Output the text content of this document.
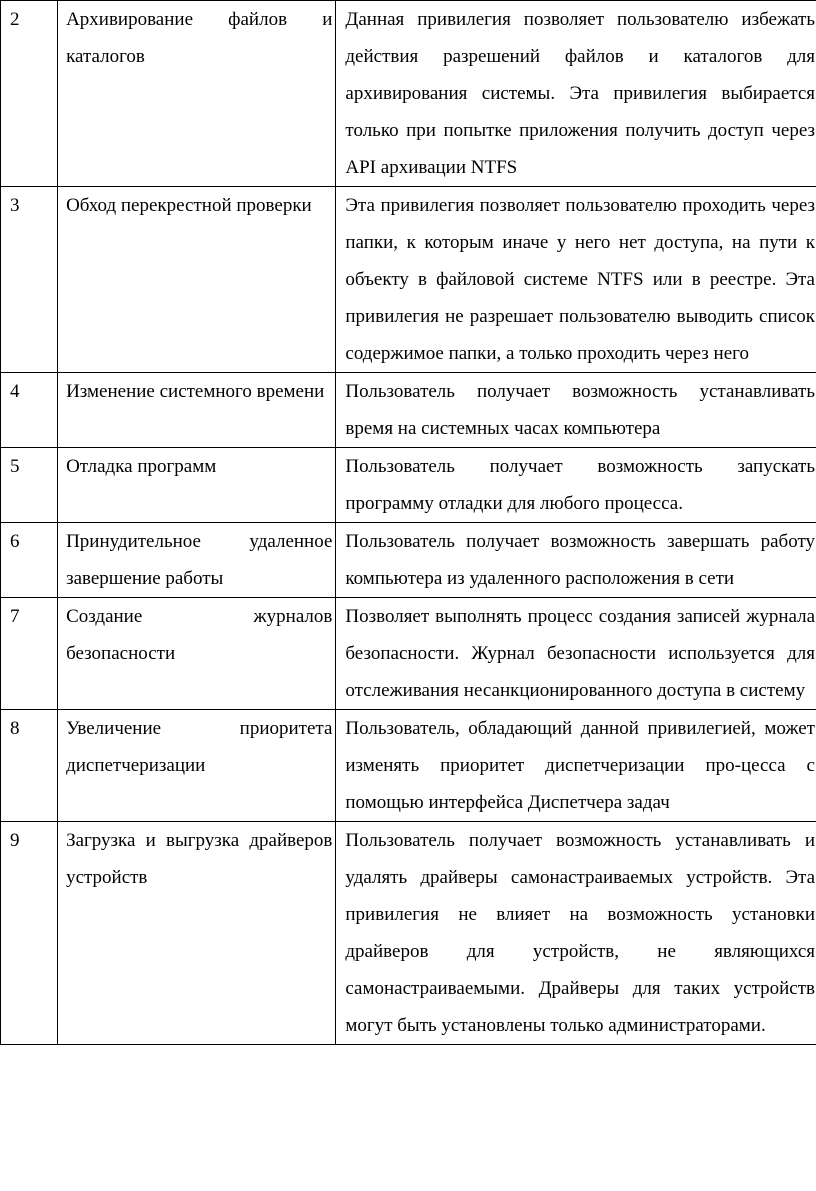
2	Архивирование файлов и каталогов	Данная привилегия позволяет пользователю избежать действия разрешений файлов и каталогов для архивирования системы. Эта привилегия выбирается только при попытке приложения получить доступ через API архивации NTFS
3	Обход перекрестной проверки	Эта привилегия позволяет пользователю проходить через папки, к которым иначе у него нет доступа, на пути к объекту в файловой системе NTFS или в реестре. Эта привилегия не разрешает пользователю выводить список содержимое папки, а только проходить через него
4	Изменение системного времени	Пользователь получает возможность устанавливать время на системных часах компьютера
5	Отладка программ	Пользователь получает возможность запускать программу отладки для любого процесса.
6	Принудительное удаленное завершение работы	Пользователь получает возможность завершать работу компьютера из удаленного расположения в сети
7	Создание журналов безопасности	Позволяет выполнять процесс создания записей журнала безопасности. Журнал безопасности используется для отслеживания несанкционированного доступа в систему
8	Увеличение приоритета диспетчеризации	Пользователь, обладающий данной привилегией, может изменять приоритет диспетчеризации про-цесса с помощью интерфейса Диспетчера задач
9	Загрузка и выгрузка драйверов устройств	Пользователь получает возможность устанавливать и удалять драйверы самонастраиваемых устройств. Эта привилегия не влияет на возможность установки драйверов для устройств, не являющихся самонастраиваемыми. Драйверы для таких устройств могут быть установлены только администраторами.
